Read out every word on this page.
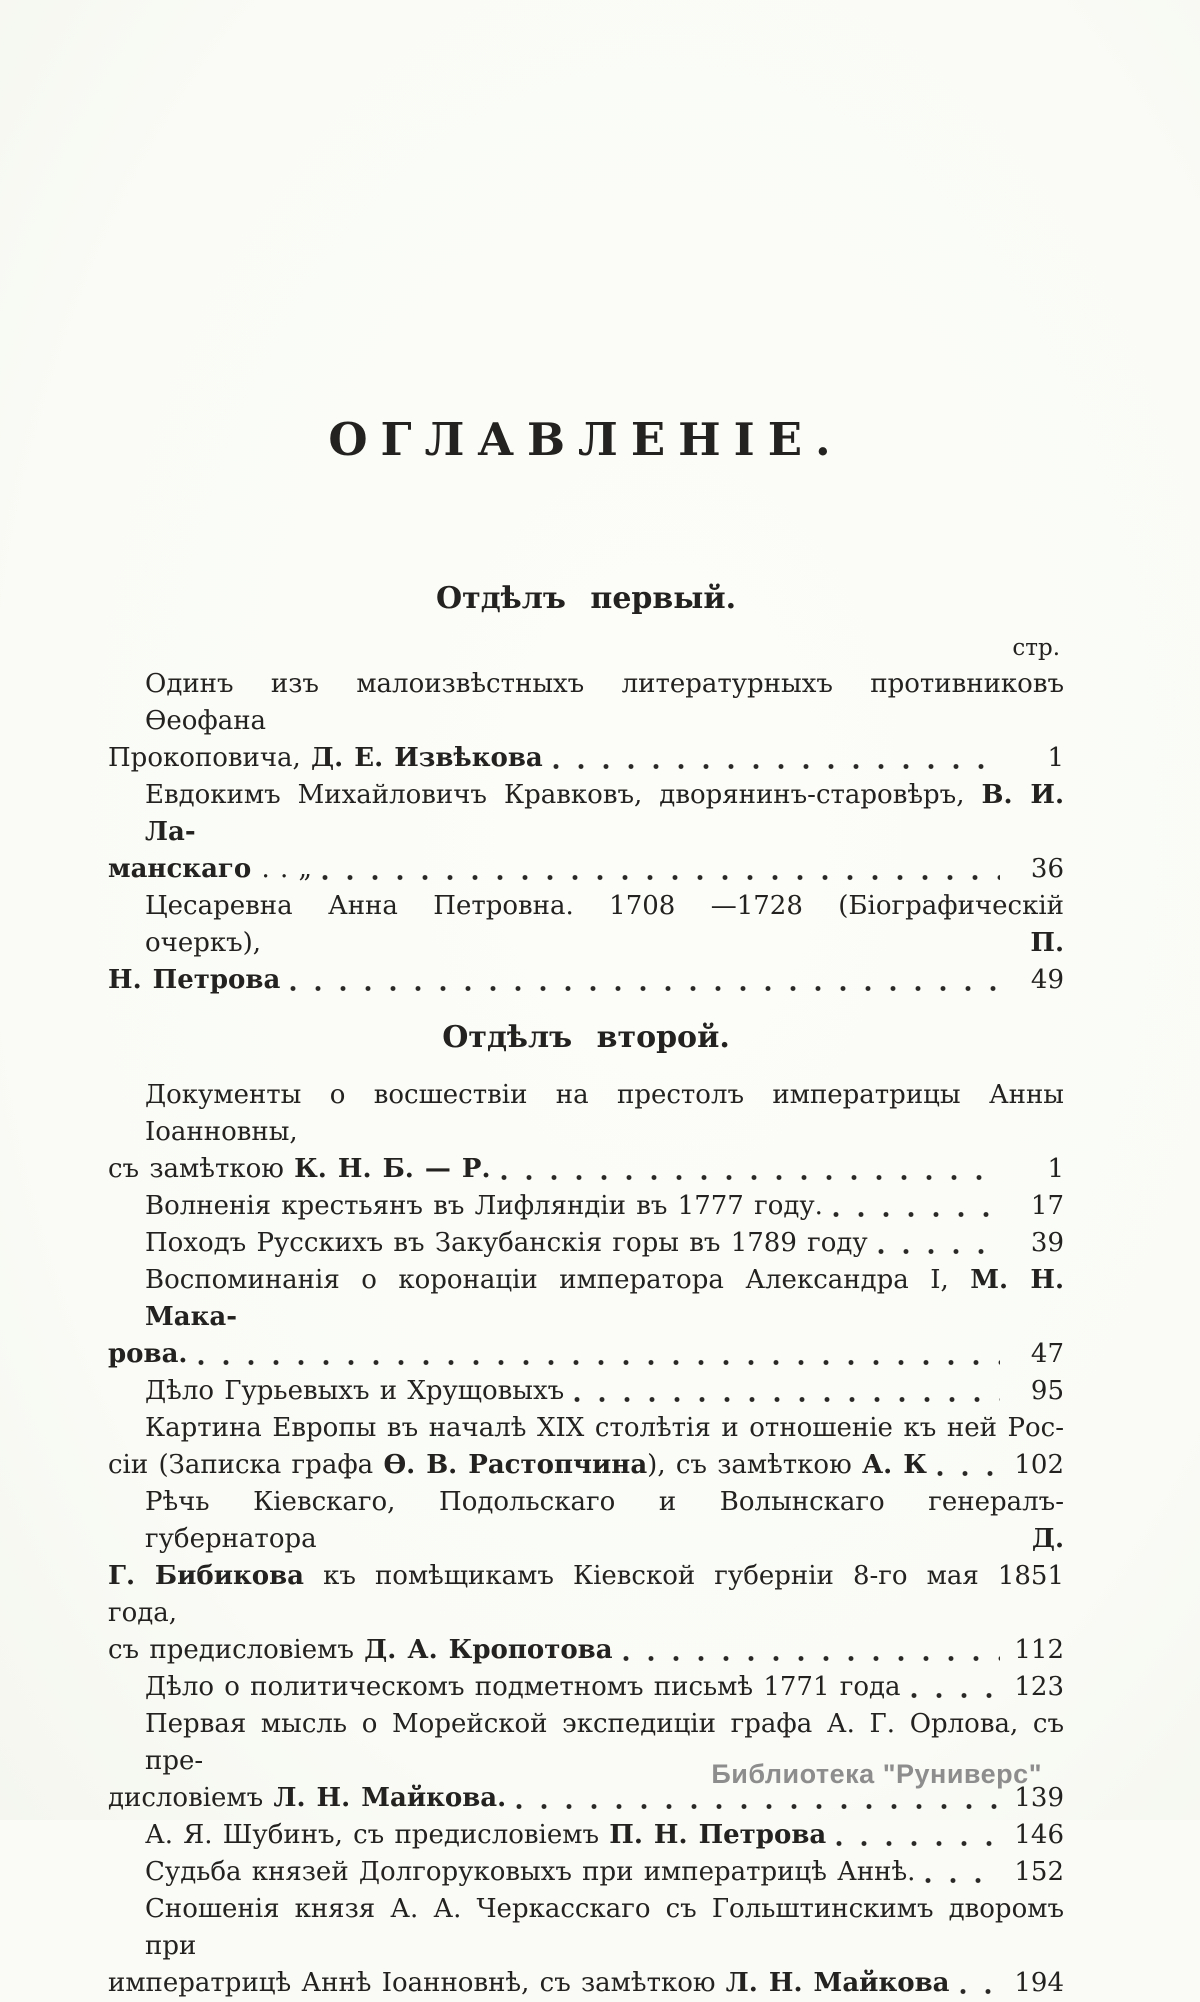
ОГЛАВЛЕНІЕ.
Отдѣлъ первый.
стр.
Одинъ изъ малоизвѣстныхъ литературныхъ противниковъ Ѳеофана
Прокоповича, Д. Е. Извѣкова	1
Евдокимъ Михайловичъ Кравковъ, дворянинъ-старовѣръ, В. И. Ла-
манскаго . . „	36
Цесаревна Анна Петровна. 1708 —1728 (Біографическій очеркъ), П.
Н. Петрова	49
Отдѣлъ второй.
Документы о восшествіи на престолъ императрицы Анны Іоанновны,
съ замѣткою К. Н. Б. — Р.	1
Волненія крестьянъ въ Лифляндіи въ 1777 году.	17
Походъ Русскихъ въ Закубанскія горы въ 1789 году	39
Воспоминанія о коронаціи императора Александра I, М. Н. Мака-
рова.	47
Дѣло Гурьевыхъ и Хрущовыхъ	95
Картина Европы въ началѣ XIX столѣтія и отношеніе къ ней Рос-
сіи (Записка графа Ѳ. В. Растопчина), съ замѣткою А. К	102
Рѣчь Кіевскаго, Подольскаго и Волынскаго генералъ-губернатора Д.
Г. Бибикова къ помѣщикамъ Кіевской губерніи 8-го мая 1851 года,
съ предисловіемъ Д. А. Кропотова	112
Дѣло о политическомъ подметномъ письмѣ 1771 года	123
Первая мысль о Морейской экспедиціи графа А. Г. Орлова, съ пре-
дисловіемъ Л. Н. Майкова.	139
А. Я. Шубинъ, съ предисловіемъ П. Н. Петрова	146
Судьба князей Долгоруковыхъ при императрицѣ Аннѣ.	152
Сношенія князя А. А. Черкасскаго съ Гольштинскимъ дворомъ при
императрицѣ Аннѣ Іоанновнѣ, съ замѣткою Л. Н. Майкова 194
Библиотека "Руниверс"
